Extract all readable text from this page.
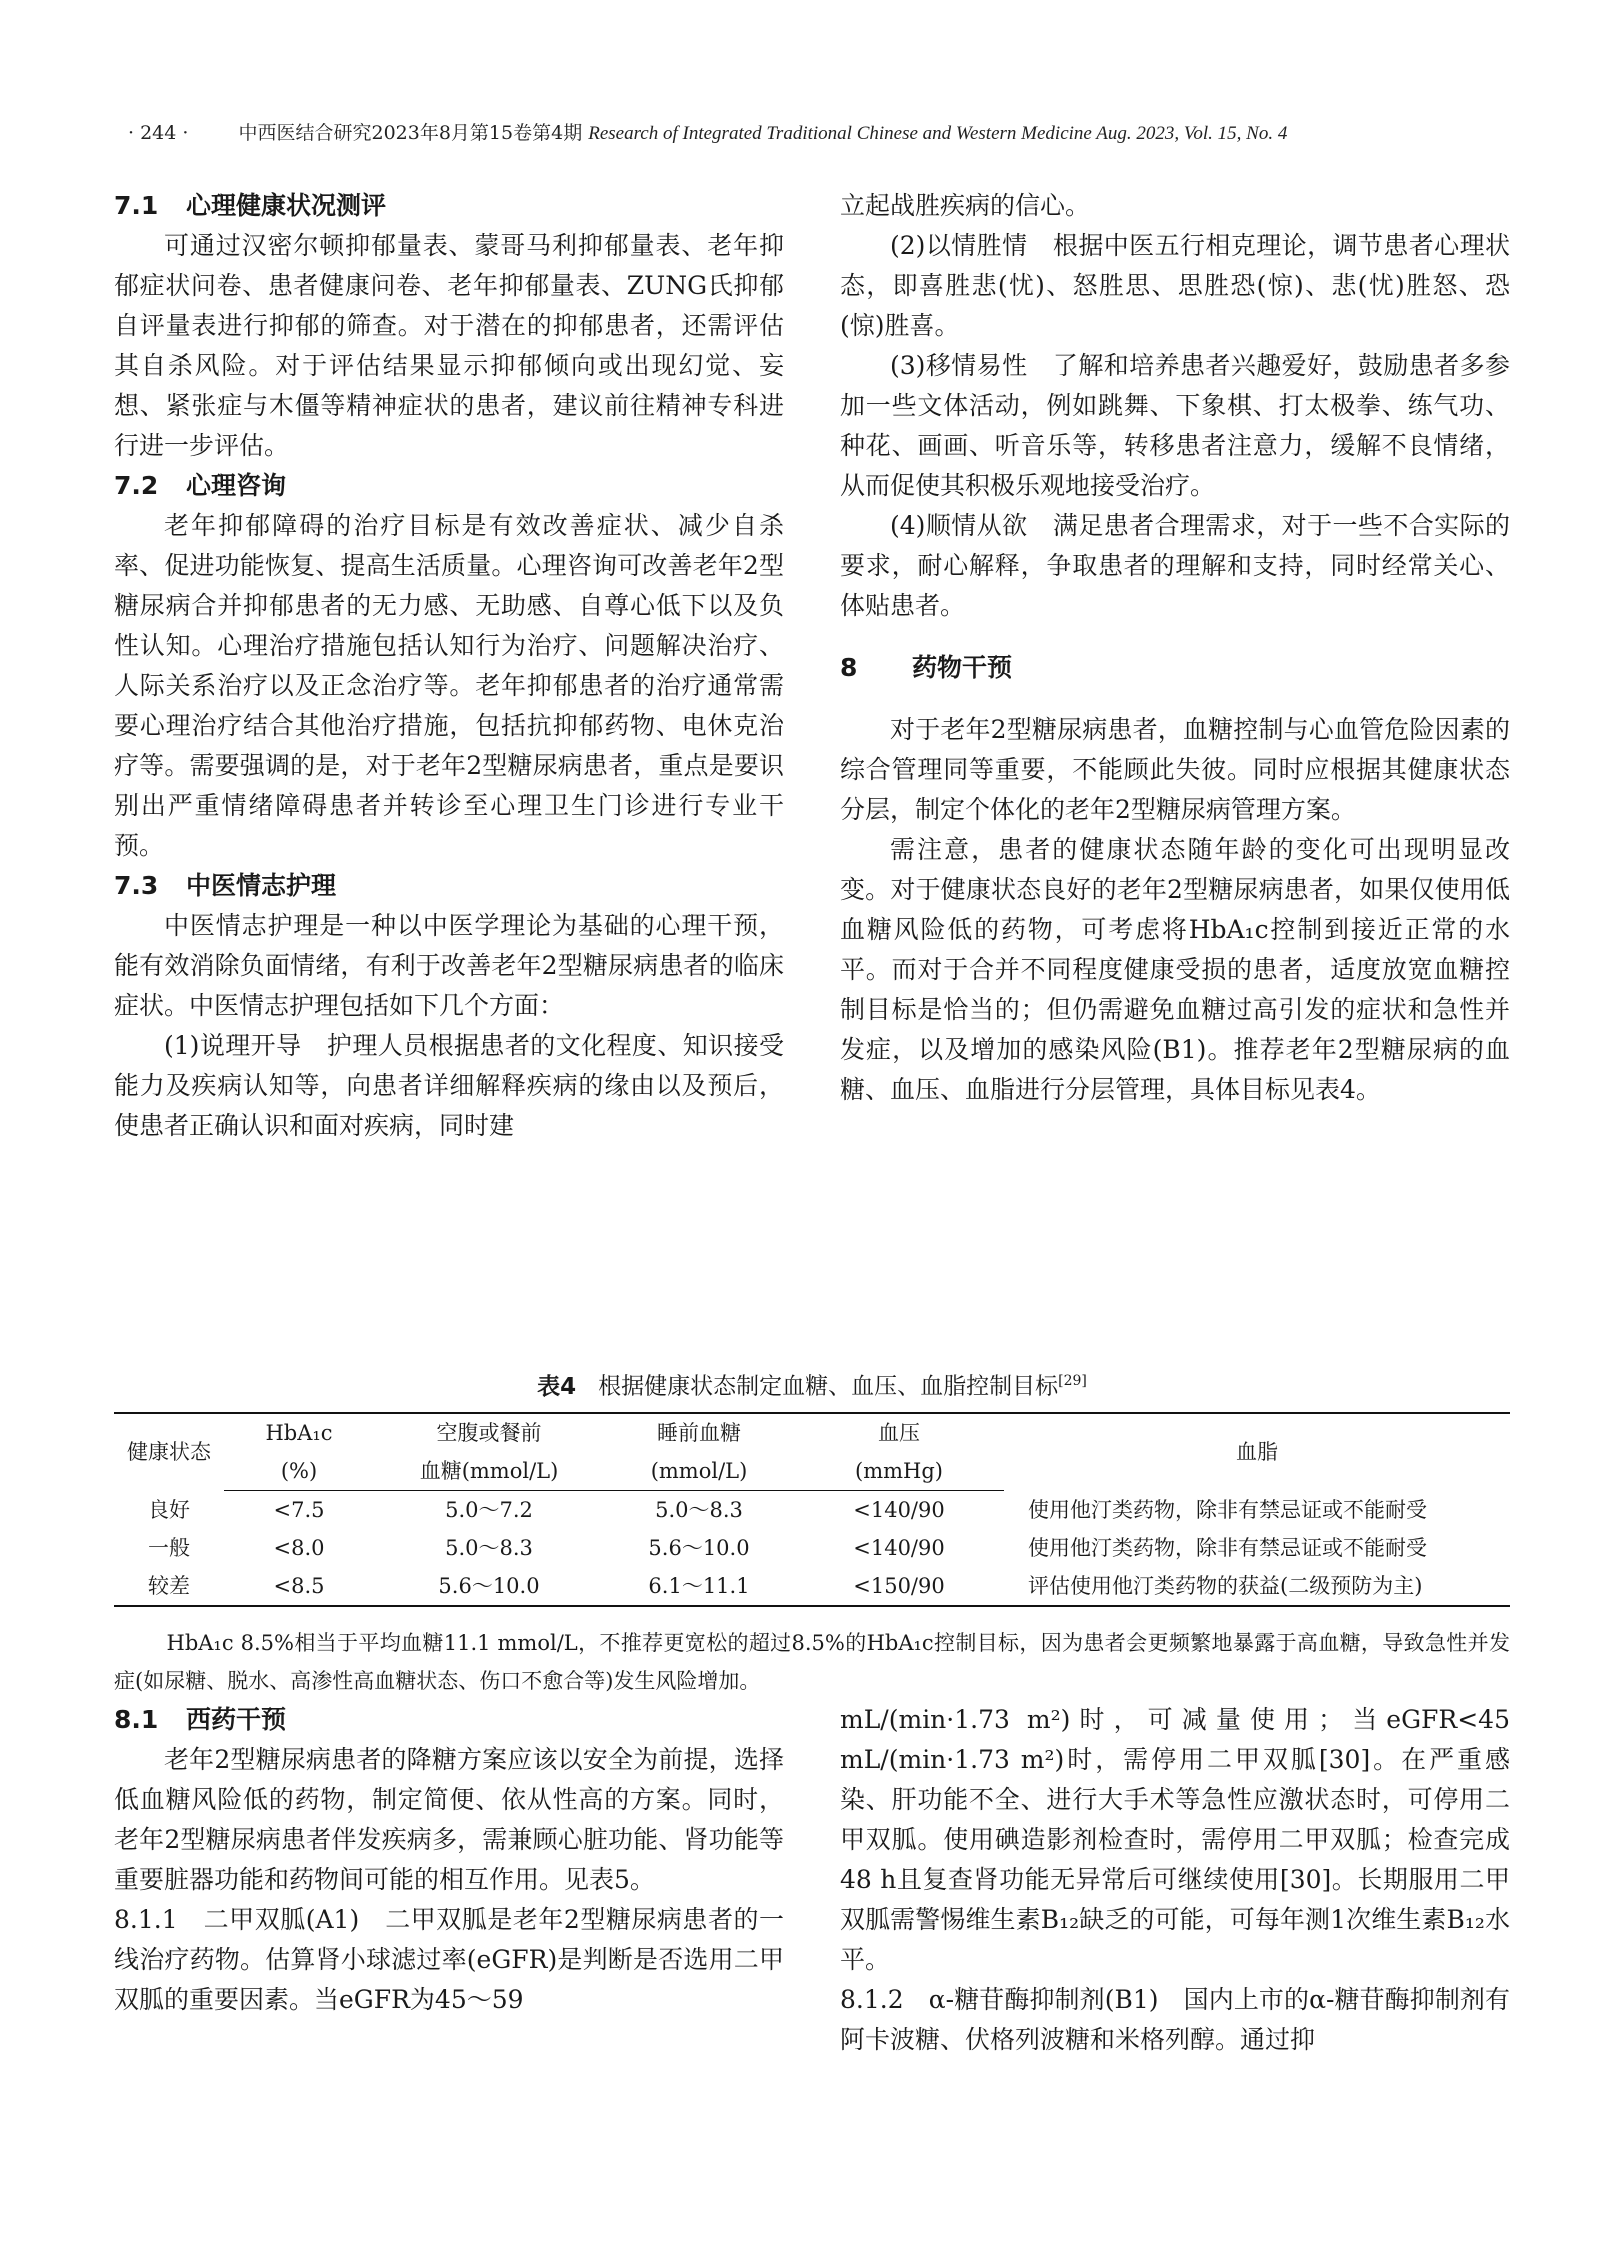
· 244 ·	中西医结合研究2023年8月第15卷第4期 Research of Integrated Traditional Chinese and Western Medicine Aug. 2023, Vol. 15, No. 4
7.1 心理健康状况测评

可通过汉密尔顿抑郁量表、蒙哥马利抑郁量表、老年抑郁症状问卷、患者健康问卷、老年抑郁量表、ZUNG氏抑郁自评量表进行抑郁的筛查。对于潜在的抑郁患者，还需评估其自杀风险。对于评估结果显示抑郁倾向或出现幻觉、妄想、紧张症与木僵等精神症状的患者，建议前往精神专科进行进一步评估。

7.2 心理咨询

老年抑郁障碍的治疗目标是有效改善症状、减少自杀率、促进功能恢复、提高生活质量。心理咨询可改善老年2型糖尿病合并抑郁患者的无力感、无助感、自尊心低下以及负性认知。心理治疗措施包括认知行为治疗、问题解决治疗、人际关系治疗以及正念治疗等。老年抑郁患者的治疗通常需要心理治疗结合其他治疗措施，包括抗抑郁药物、电休克治疗等。需要强调的是，对于老年2型糖尿病患者，重点是要识别出严重情绪障碍患者并转诊至心理卫生门诊进行专业干预。

7.3 中医情志护理

中医情志护理是一种以中医学理论为基础的心理干预，能有效消除负面情绪，有利于改善老年2型糖尿病患者的临床症状。中医情志护理包括如下几个方面：

(1)说理开导　护理人员根据患者的文化程度、知识接受能力及疾病认知等，向患者详细解释疾病的缘由以及预后，使患者正确认识和面对疾病，同时建

立起战胜疾病的信心。

(2)以情胜情　根据中医五行相克理论，调节患者心理状态，即喜胜悲(忧)、怒胜思、思胜恐(惊)、悲(忧)胜怒、恐(惊)胜喜。

(3)移情易性　了解和培养患者兴趣爱好，鼓励患者多参加一些文体活动，例如跳舞、下象棋、打太极拳、练气功、种花、画画、听音乐等，转移患者注意力，缓解不良情绪，从而促使其积极乐观地接受治疗。

(4)顺情从欲　满足患者合理需求，对于一些不合实际的要求，耐心解释，争取患者的理解和支持，同时经常关心、体贴患者。

8 药物干预

对于老年2型糖尿病患者，血糖控制与心血管危险因素的综合管理同等重要，不能顾此失彼。同时应根据其健康状态分层，制定个体化的老年2型糖尿病管理方案。

需注意，患者的健康状态随年龄的变化可出现明显改变。对于健康状态良好的老年2型糖尿病患者，如果仅使用低血糖风险低的药物，可考虑将HbA₁c控制到接近正常的水平。而对于合并不同程度健康受损的患者，适度放宽血糖控制目标是恰当的；但仍需避免血糖过高引发的症状和急性并发症，以及增加的感染风险(B1)。推荐老年2型糖尿病的血糖、血压、血脂进行分层管理，具体目标见表4。

表4 根据健康状态制定血糖、血压、血脂控制目标[29]
健康状态	HbA₁c	空腹或餐前	睡前血糖	血压	血脂
	(%)	血糖(mmol/L)	(mmol/L)	(mmHg)	
良好	<7.5	5.0～7.2	5.0～8.3	<140/90	使用他汀类药物，除非有禁忌证或不能耐受
一般	<8.0	5.0～8.3	5.6～10.0	<140/90	使用他汀类药物，除非有禁忌证或不能耐受
较差	<8.5	5.6～10.0	6.1～11.1	<150/90	评估使用他汀类药物的获益(二级预防为主)

HbA₁c 8.5%相当于平均血糖11.1 mmol/L，不推荐更宽松的超过8.5%的HbA₁c控制目标，因为患者会更频繁地暴露于高血糖，导致急性并发症(如尿糖、脱水、高渗性高血糖状态、伤口不愈合等)发生风险增加。

8.1 西药干预

老年2型糖尿病患者的降糖方案应该以安全为前提，选择低血糖风险低的药物，制定简便、依从性高的方案。同时，老年2型糖尿病患者伴发疾病多，需兼顾心脏功能、肾功能等重要脏器功能和药物间可能的相互作用。见表5。

8.1.1　二甲双胍(A1)　二甲双胍是老年2型糖尿病患者的一线治疗药物。估算肾小球滤过率(eGFR)是判断是否选用二甲双胍的重要因素。当eGFR为45～59

mL/(min·1.73 m²)时，可减量使用；当eGFR<45 mL/(min·1.73 m²)时，需停用二甲双胍[30]。在严重感染、肝功能不全、进行大手术等急性应激状态时，可停用二甲双胍。使用碘造影剂检查时，需停用二甲双胍；检查完成48 h且复查肾功能无异常后可继续使用[30]。长期服用二甲双胍需警惕维生素B₁₂缺乏的可能，可每年测1次维生素B₁₂水平。

8.1.2　α-糖苷酶抑制剂(B1)　国内上市的α-糖苷酶抑制剂有阿卡波糖、伏格列波糖和米格列醇。通过抑
